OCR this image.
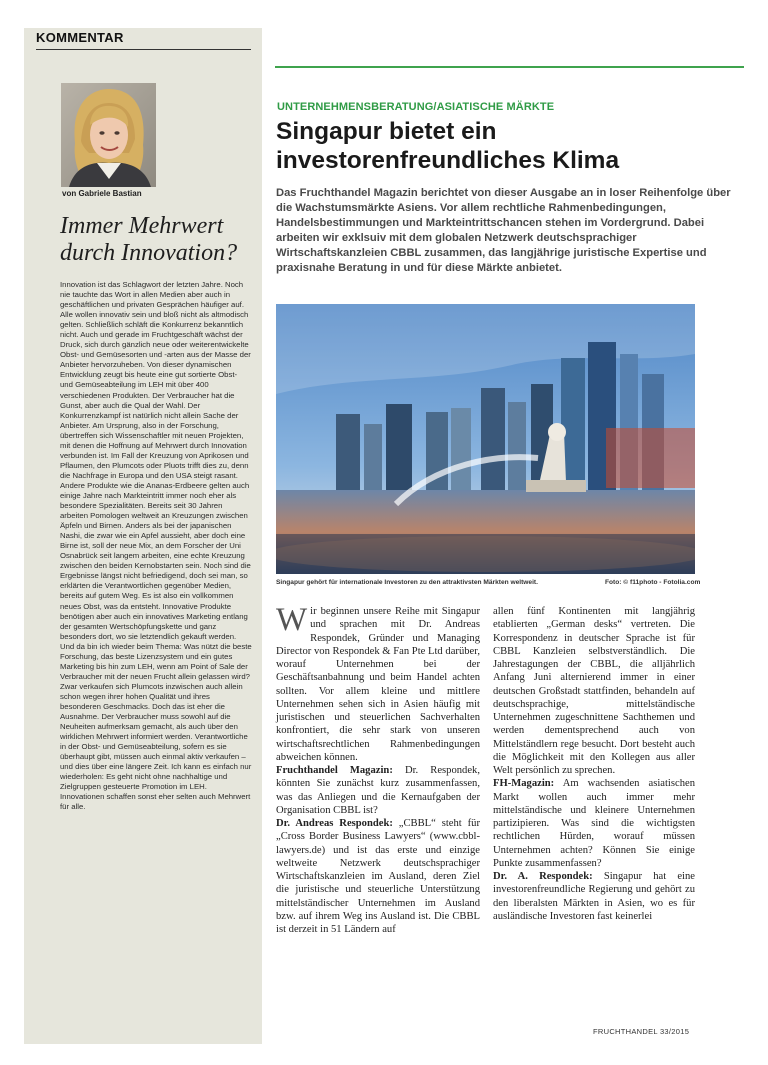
KOMMENTAR
von Gabriele Bastian
Immer Mehrwert durch Innovation?

Innovation ist das Schlagwort der letzten Jahre. Noch nie tauchte das Wort in allen Medien aber auch in geschäftlichen und privaten Gesprächen häufiger auf. Alle wollen innovativ sein und bloß nicht als altmodisch gelten. Schließlich schläft die Konkurrenz bekanntlich nicht. Auch und gerade im Fruchtgeschäft wächst der Druck, sich durch gänzlich neue oder weiterentwickelte Obst- und Gemüsesorten und -arten aus der Masse der Anbieter hervorzuheben. Von dieser dynamischen Entwicklung zeugt bis heute eine gut sortierte Obst- und Gemüseabteilung im LEH mit über 400 verschiedenen Produkten. Der Verbraucher hat die Gunst, aber auch die Qual der Wahl. Der Konkurrenzkampf ist natürlich nicht allein Sache der Anbieter. Am Ursprung, also in der Forschung, übertreffen sich Wissenschaftler mit neuen Projekten, mit denen die Hoffnung auf Mehrwert durch Innovation verbunden ist. Im Fall der Kreuzung von Aprikosen und Pflaumen, den Plumcots oder Pluots trifft dies zu, denn die Nachfrage in Europa und den USA steigt rasant. Andere Produkte wie die Ananas-Erdbeere gelten auch einige Jahre nach Markteintritt immer noch eher als besondere Spezialitäten. Bereits seit 30 Jahren arbeiten Pomologen weltweit an Kreuzungen zwischen Äpfeln und Birnen. Anders als bei der japanischen Nashi, die zwar wie ein Apfel aussieht, aber doch eine Birne ist, soll der neue Mix, an dem Forscher der Uni Osnabrück seit langem arbeiten, eine echte Kreuzung zwischen den beiden Kernobstarten sein. Noch sind die Ergebnisse längst nicht befriedigend, doch sei man, so erklärten die Verantwortlichen gegenüber Medien, bereits auf gutem Weg. Es ist also ein vollkommen neues Obst, was da entsteht. Innovative Produkte benötigen aber auch ein innovatives Marketing entlang der gesamten Wertschöpfungskette und ganz besonders dort, wo sie letztendlich gekauft werden. Und da bin ich wieder beim Thema: Was nützt die beste Forschung, das beste Lizenzsystem und ein gutes Marketing bis hin zum LEH, wenn am Point of Sale der Verbraucher mit der neuen Frucht allein gelassen wird? Zwar verkaufen sich Plumcots inzwischen auch allein schon wegen ihrer hohen Qualität und ihres besonderen Geschmacks. Doch das ist eher die Ausnahme. Der Verbraucher muss sowohl auf die Neuheiten aufmerksam gemacht, als auch über den wirklichen Mehrwert informiert werden. Verantwortliche in der Obst- und Gemüseabteilung, sofern es sie überhaupt gibt, müssen auch einmal aktiv verkaufen – und dies über eine längere Zeit. Ich kann es einfach nur wiederholen: Es geht nicht ohne nachhaltige und Zielgruppen gesteuerte Promotion im LEH. Innovationen schaffen sonst eher selten auch Mehrwert für alle.

UNTERNEHMENSBERATUNG/ASIATISCHE MÄRKTE
Singapur bietet ein investorenfreundliches Klima

Das Fruchthandel Magazin berichtet von dieser Ausgabe an in loser Reihenfolge über die Wachstumsmärkte Asiens. Vor allem rechtliche Rahmenbedingungen, Handelsbestimmungen und Markteintrittschancen stehen im Vordergrund. Dabei arbeiten wir exklsuiv mit dem globalen Netzwerk deutschsprachiger Wirtschaftskanzleien CBBL zusammen, das langjährige juristische Expertise und praxisnahe Beratung in und für diese Märkte anbietet.

Singapur gehört für internationale Investoren zu den attraktivsten Märkten weltweit.	Foto: © f11photo - Fotolia.com

Wir beginnen unsere Reihe mit Singapur und sprachen mit Dr. Andreas Respondek, Gründer und Managing Director von Respondek & Fan Pte Ltd darüber, worauf Unternehmen bei der Geschäftsanbahnung und beim Handel achten sollten. Vor allem kleine und mittlere Unternehmen sehen sich in Asien häufig mit juristischen und steuerlichen Sachverhalten konfrontiert, die sehr stark von unseren wirtschaftsrechtlichen Rahmenbedingungen abweichen können.

Fruchthandel Magazin: Dr. Respondek, könnten Sie zunächst kurz zusammenfassen, was das Anliegen und die Kernaufgaben der Organisation CBBL ist?

Dr. Andreas Respondek: „CBBL“ steht für „Cross Border Business Lawyers“ (www.cbbl-lawyers.de) und ist das erste und einzige weltweite Netzwerk deutschsprachiger Wirtschaftskanzleien im Ausland, deren Ziel die juristische und steuerliche Unterstützung mittelständischer Unternehmen im Ausland bzw. auf ihrem Weg ins Ausland ist. Die CBBL ist derzeit in 51 Ländern auf

allen fünf Kontinenten mit langjährig etablierten „German desks“ vertreten. Die Korrespondenz in deutscher Sprache ist für CBBL Kanzleien selbstverständlich. Die Jahrestagungen der CBBL, die alljährlich Anfang Juni alternierend immer in einer deutschen Großstadt stattfinden, behandeln auf deutschsprachige, mittelständische Unternehmen zugeschnittene Sachthemen und werden dementsprechend auch von Mittelständlern rege besucht. Dort besteht auch die Möglichkeit mit den Kollegen aus aller Welt persönlich zu sprechen.

FH-Magazin: Am wachsenden asiatischen Markt wollen auch immer mehr mittelständische und kleinere Unternehmen partizipieren. Was sind die wichtigsten rechtlichen Hürden, worauf müssen Unternehmen achten? Können Sie einige Punkte zusammenfassen?

Dr. A. Respondek: Singapur hat eine investorenfreundliche Regierung und gehört zu den liberalsten Märkten in Asien, wo es für ausländische Investoren fast keinerlei

FRUCHTHANDEL 33/2015
